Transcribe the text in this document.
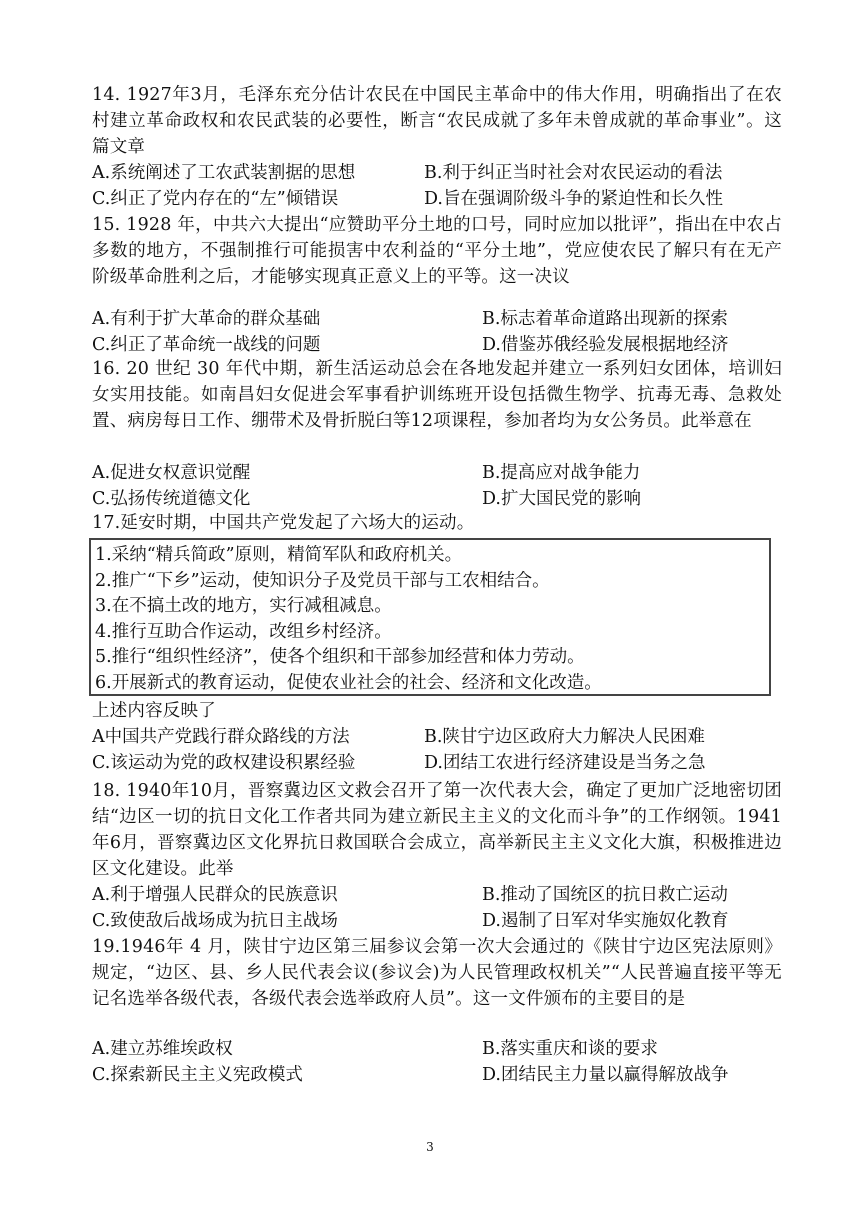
14. 1927年3月，毛泽东充分估计农民在中国民主革命中的伟大作用，明确指出了在农村建立革命政权和农民武装的必要性，断言“农民成就了多年未曾成就的革命事业”。这篇文章
A.系统阐述了工农武装割据的思想	B.利于纠正当时社会对农民运动的看法
C.纠正了党内存在的“左”倾错误	D.旨在强调阶级斗争的紧迫性和长久性
15. 1928 年，中共六大提出“应赞助平分土地的口号，同时应加以批评”，指出在中农占多数的地方，不强制推行可能损害中农利益的“平分土地”，党应使农民了解只有在无产阶级革命胜利之后，才能够实现真正意义上的平等。这一决议
A.有利于扩大革命的群众基础	B.标志着革命道路出现新的探索
C.纠正了革命统一战线的问题	D.借鉴苏俄经验发展根据地经济
16. 20 世纪 30 年代中期，新生活运动总会在各地发起并建立一系列妇女团体，培训妇女实用技能。如南昌妇女促进会军事看护训练班开设包括微生物学、抗毒无毒、急救处置、病房每日工作、绷带术及骨折脱臼等12项课程，参加者均为女公务员。此举意在
A.促进女权意识觉醒	B.提高应对战争能力
C.弘扬传统道德文化	D.扩大国民党的影响
17.延安时期，中国共产党发起了六场大的运动。
1.采纳“精兵简政”原则，精简军队和政府机关。
2.推广“下乡”运动，使知识分子及党员干部与工农相结合。
3.在不搞土改的地方，实行减租减息。
4.推行互助合作运动，改组乡村经济。
5.推行“组织性经济”，使各个组织和干部参加经营和体力劳动。
6.开展新式的教育运动，促使农业社会的社会、经济和文化改造。
上述内容反映了
A中国共产党践行群众路线的方法	B.陕甘宁边区政府大力解决人民困难
C.该运动为党的政权建设积累经验	D.团结工农进行经济建设是当务之急
18. 1940年10月，晋察冀边区文救会召开了第一次代表大会，确定了更加广泛地密切团结“边区一切的抗日文化工作者共同为建立新民主主义的文化而斗争”的工作纲领。1941年6月，晋察冀边区文化界抗日救国联合会成立，高举新民主主义文化大旗，积极推进边区文化建设。此举
A.利于增强人民群众的民族意识	B.推动了国统区的抗日救亡运动
C.致使敌后战场成为抗日主战场	D.遏制了日军对华实施奴化教育
19.1946年 4 月，陕甘宁边区第三届参议会第一次大会通过的《陕甘宁边区宪法原则》规定，“边区、县、乡人民代表会议(参议会)为人民管理政权机关”“人民普遍直接平等无记名选举各级代表，各级代表会选举政府人员”。这一文件颁布的主要目的是
A.建立苏维埃政权	B.落实重庆和谈的要求
C.探索新民主主义宪政模式	D.团结民主力量以赢得解放战争
3
